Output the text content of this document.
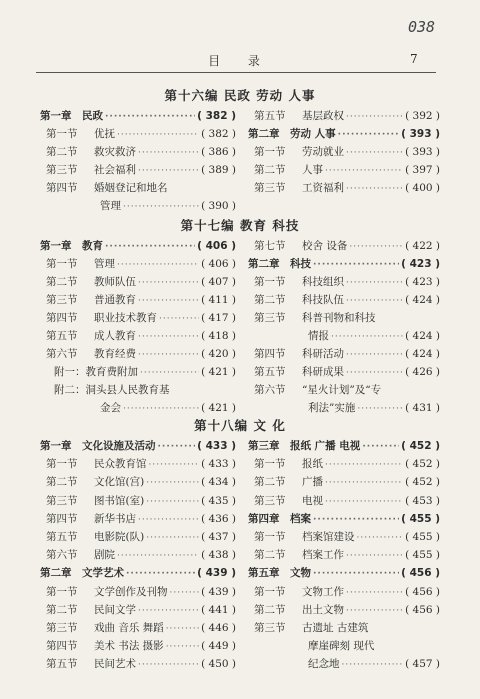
目 录	7
038
第十六编 民政 劳动 人事
第一章 民政 ·····	( 382 )
第一节 优抚 ·····	( 382 )
第二节 救灾救济 ·····	( 386 )
第三节 社会福利 ·····	( 389 )
第四节 婚姻登记和地名
管理 ·····	( 390 )
第五节 基层政权 ·····	( 392 )
第二章 劳动 人事 ·····	( 393 )
第一节 劳动就业 ·····	( 393 )
第二节 人事 ·····	( 397 )
第三节 工资福利 ·····	( 400 )
第十七编 教育 科技
第一章 教育 ·····	( 406 )
第一节 管理 ·····	( 406 )
第二节 教师队伍 ·····	( 407 )
第三节 普通教育 ·····	( 411 )
第四节 职业技术教育 ·····	( 417 )
第五节 成人教育 ·····	( 418 )
第六节 教育经费 ·····	( 420 )
附一：教育费附加 ·····	( 421 )
附二：洞头县人民教育基
金会 ·····	( 421 )
第七节 校舍 设备 ·····	( 422 )
第二章 科技 ·····	( 423 )
第一节 科技组织 ·····	( 423 )
第二节 科技队伍 ·····	( 424 )
第三节 科普刊物和科技
情报 ·····	( 424 )
第四节 科研活动 ·····	( 424 )
第五节 科研成果 ·····	( 426 )
第六节 “星火计划”及“专
利法”实施 ·····	( 431 )
第十八编 文 化
第一章 文化设施及活动 ·····	( 433 )
第一节 民众教育馆 ·····	( 433 )
第二节 文化馆(宫) ·····	( 434 )
第三节 图书馆(室) ·····	( 435 )
第四节 新华书店 ·····	( 436 )
第五节 电影院(队) ·····	( 437 )
第六节 剧院 ·····	( 438 )
第二章 文学艺术 ·····	( 439 )
第一节 文学创作及刊物 ·····	( 439 )
第二节 民间文学 ·····	( 441 )
第三节 戏曲 音乐 舞蹈 ·····	( 446 )
第四节 美术 书法 摄影 ·····	( 449 )
第五节 民间艺术 ·····	( 450 )
第三章 报纸 广播 电视 ·····	( 452 )
第一节 报纸 ·····	( 452 )
第二节 广播 ·····	( 452 )
第三节 电视 ·····	( 453 )
第四章 档案 ·····	( 455 )
第一节 档案馆建设 ·····	( 455 )
第二节 档案工作 ·····	( 455 )
第五章 文物 ·····	( 456 )
第一节 文物工作 ·····	( 456 )
第二节 出土文物 ·····	( 456 )
第三节 古遗址 古建筑
摩崖碑刻 现代
纪念地 ·····	( 457 )
